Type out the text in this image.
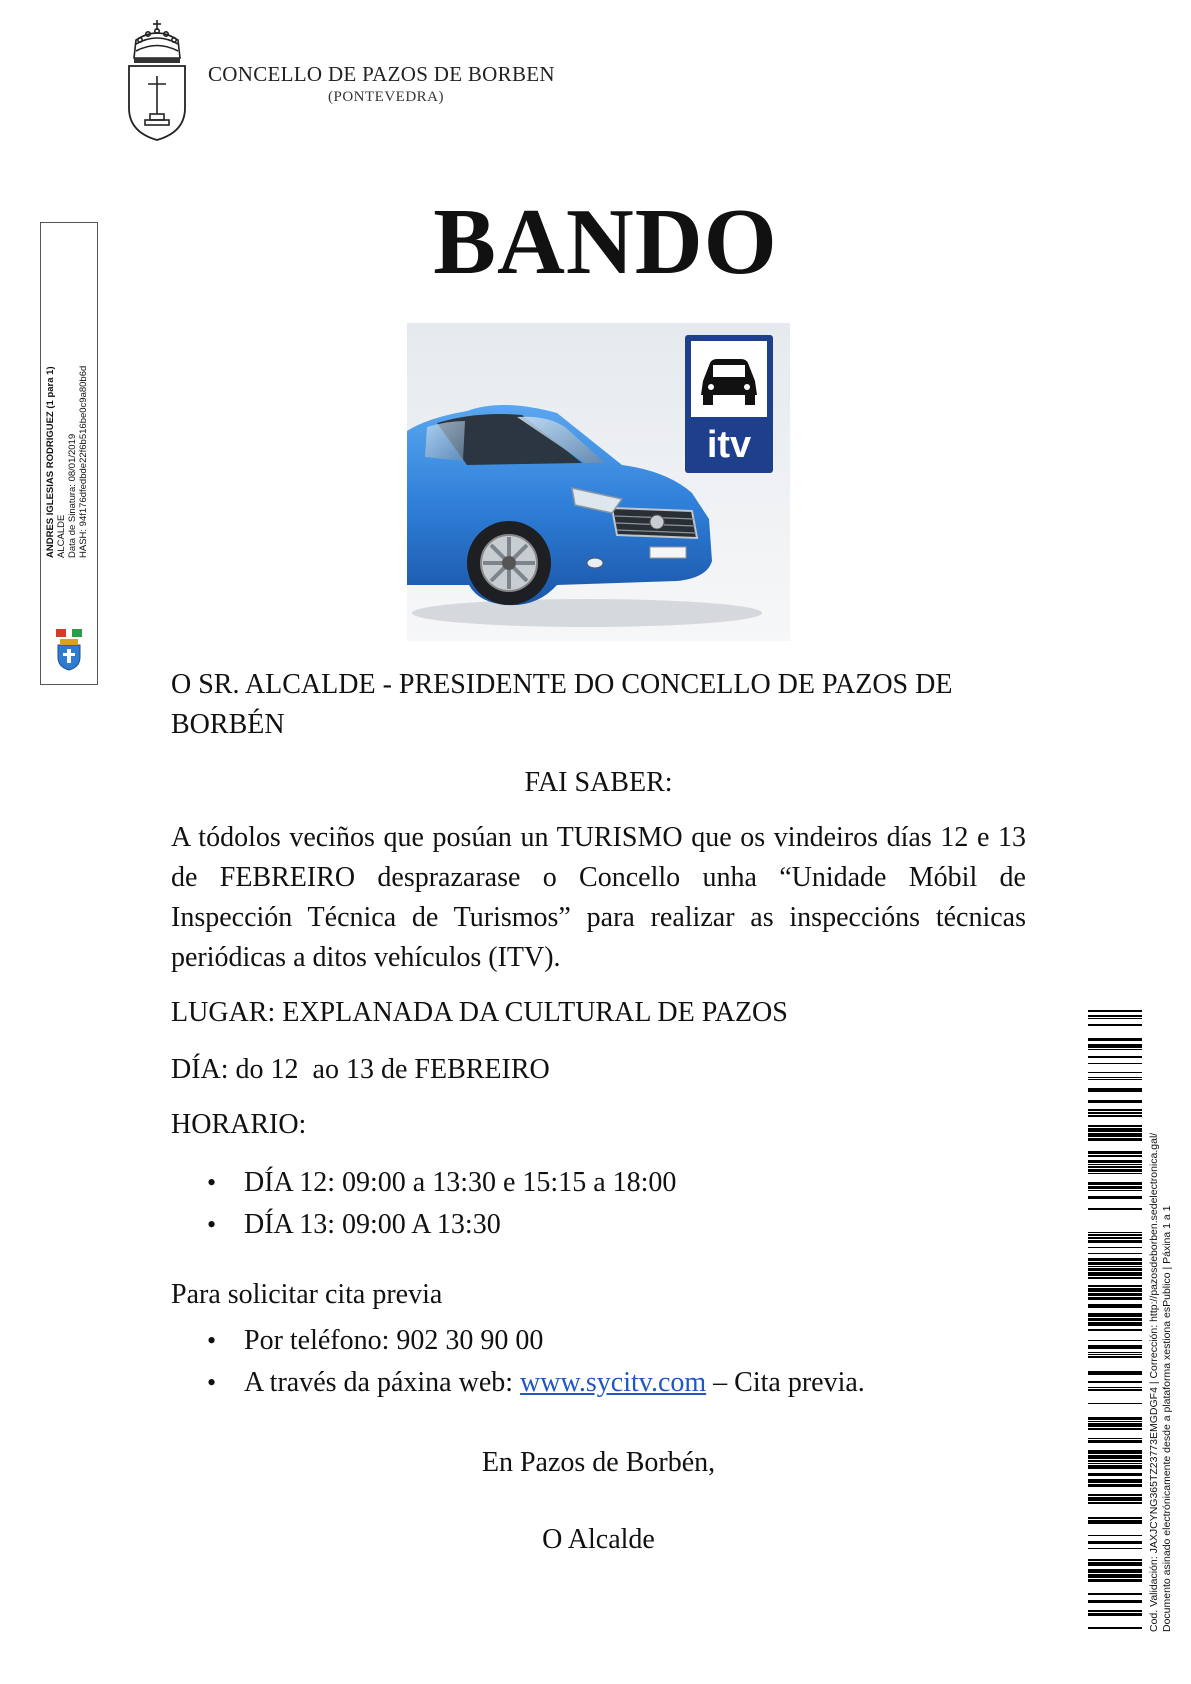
CONCELLO DE PAZOS DE BORBEN
(PONTEVEDRA)
BANDO
itv
ANDRES IGLESIAS RODRIGUEZ (1 para 1) ALCALDE Data de Sinatura: 08/01/2019 HASH: 94f176dfedbde22f6b516be0c9a80b6d
Cod. Validación: JAXJCYNG365TZ23773EMGDGF4 | Corrección: http://pazosdeborben.sedelectronica.gal/ Documento asinado electrónicamente desde a plataforma xestiona esPublico | Páxina 1 a 1
O SR. ALCALDE - PRESIDENTE DO CONCELLO DE PAZOS DE BORBÉN
FAI SABER:
A tódolos veciños que posúan un TURISMO que os vindeiros días 12 e 13 de FEBREIRO desprazarase o Concello unha “Unidade Móbil de Inspección Técnica de Turismos” para realizar as inspeccións técnicas periódicas a ditos vehículos (ITV).
LUGAR: EXPLANADA DA CULTURAL DE PAZOS
DÍA: do 12  ao 13 de FEBREIRO
HORARIO:
• DÍA 12: 09:00 a 13:30 e 15:15 a 18:00
• DÍA 13: 09:00 A 13:30
Para solicitar cita previa
• Por teléfono: 902 30 90 00
• A través da páxina web: www.sycitv.com – Cita previa.
En Pazos de Borbén,
O Alcalde
